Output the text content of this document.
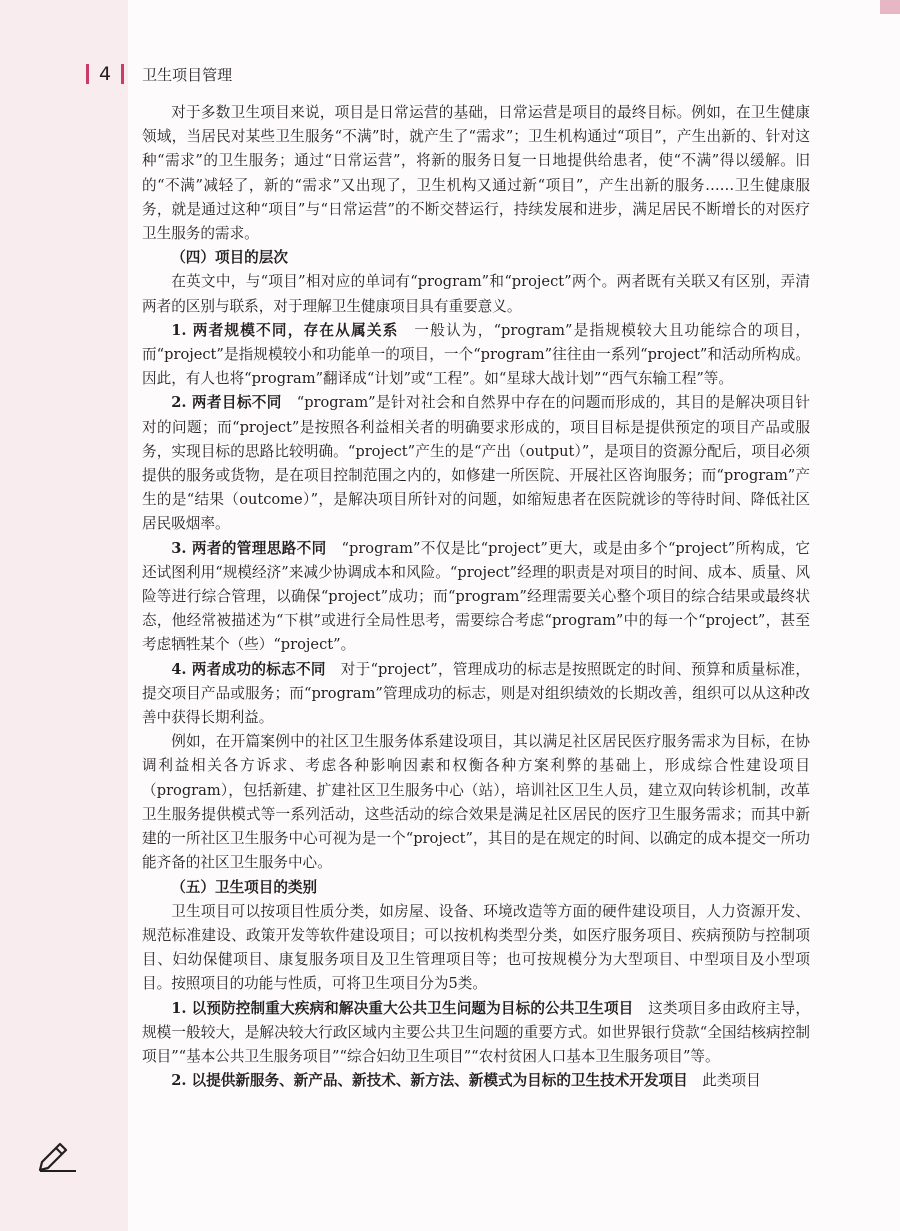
4 卫生项目管理

对于多数卫生项目来说，项目是日常运营的基础，日常运营是项目的最终目标。例如，在卫生健康领域，当居民对某些卫生服务“不满”时，就产生了“需求”；卫生机构通过“项目”，产生出新的、针对这种“需求”的卫生服务；通过“日常运营”，将新的服务日复一日地提供给患者，使“不满”得以缓解。旧的“不满”减轻了，新的“需求”又出现了，卫生机构又通过新“项目”，产生出新的服务……卫生健康服务，就是通过这种“项目”与“日常运营”的不断交替运行，持续发展和进步，满足居民不断增长的对医疗卫生服务的需求。

（四）项目的层次

在英文中，与“项目”相对应的单词有“program”和“project”两个。两者既有关联又有区别，弄清两者的区别与联系，对于理解卫生健康项目具有重要意义。

1. 两者规模不同，存在从属关系　一般认为，“program”是指规模较大且功能综合的项目，而“project”是指规模较小和功能单一的项目，一个“program”往往由一系列“project”和活动所构成。因此，有人也将“program”翻译成“计划”或“工程”。如“星球大战计划”“西气东输工程”等。

2. 两者目标不同　“program”是针对社会和自然界中存在的问题而形成的，其目的是解决项目针对的问题；而“project”是按照各利益相关者的明确要求形成的，项目目标是提供预定的项目产品或服务，实现目标的思路比较明确。“project”产生的是“产出（output）”，是项目的资源分配后，项目必须提供的服务或货物，是在项目控制范围之内的，如修建一所医院、开展社区咨询服务；而“program”产生的是“结果（outcome）”，是解决项目所针对的问题，如缩短患者在医院就诊的等待时间、降低社区居民吸烟率。

3. 两者的管理思路不同　“program”不仅是比“project”更大，或是由多个“project”所构成，它还试图利用“规模经济”来减少协调成本和风险。“project”经理的职责是对项目的时间、成本、质量、风险等进行综合管理，以确保“project”成功；而“program”经理需要关心整个项目的综合结果或最终状态，他经常被描述为“下棋”或进行全局性思考，需要综合考虑“program”中的每一个“project”，甚至考虑牺牲某个（些）“project”。

4. 两者成功的标志不同　对于“project”，管理成功的标志是按照既定的时间、预算和质量标准，提交项目产品或服务；而“program”管理成功的标志，则是对组织绩效的长期改善，组织可以从这种改善中获得长期利益。

例如，在开篇案例中的社区卫生服务体系建设项目，其以满足社区居民医疗服务需求为目标，在协调利益相关各方诉求、考虑各种影响因素和权衡各种方案利弊的基础上，形成综合性建设项目（program），包括新建、扩建社区卫生服务中心（站），培训社区卫生人员，建立双向转诊机制，改革卫生服务提供模式等一系列活动，这些活动的综合效果是满足社区居民的医疗卫生服务需求；而其中新建的一所社区卫生服务中心可视为是一个“project”，其目的是在规定的时间、以确定的成本提交一所功能齐备的社区卫生服务中心。

（五）卫生项目的类别

卫生项目可以按项目性质分类，如房屋、设备、环境改造等方面的硬件建设项目，人力资源开发、规范标准建设、政策开发等软件建设项目；可以按机构类型分类，如医疗服务项目、疾病预防与控制项目、妇幼保健项目、康复服务项目及卫生管理项目等；也可按规模分为大型项目、中型项目及小型项目。按照项目的功能与性质，可将卫生项目分为5类。

1. 以预防控制重大疾病和解决重大公共卫生问题为目标的公共卫生项目　这类项目多由政府主导，规模一般较大，是解决较大行政区域内主要公共卫生问题的重要方式。如世界银行贷款“全国结核病控制项目”“基本公共卫生服务项目”“综合妇幼卫生项目”“农村贫困人口基本卫生服务项目”等。

2. 以提供新服务、新产品、新技术、新方法、新模式为目标的卫生技术开发项目　此类项目
